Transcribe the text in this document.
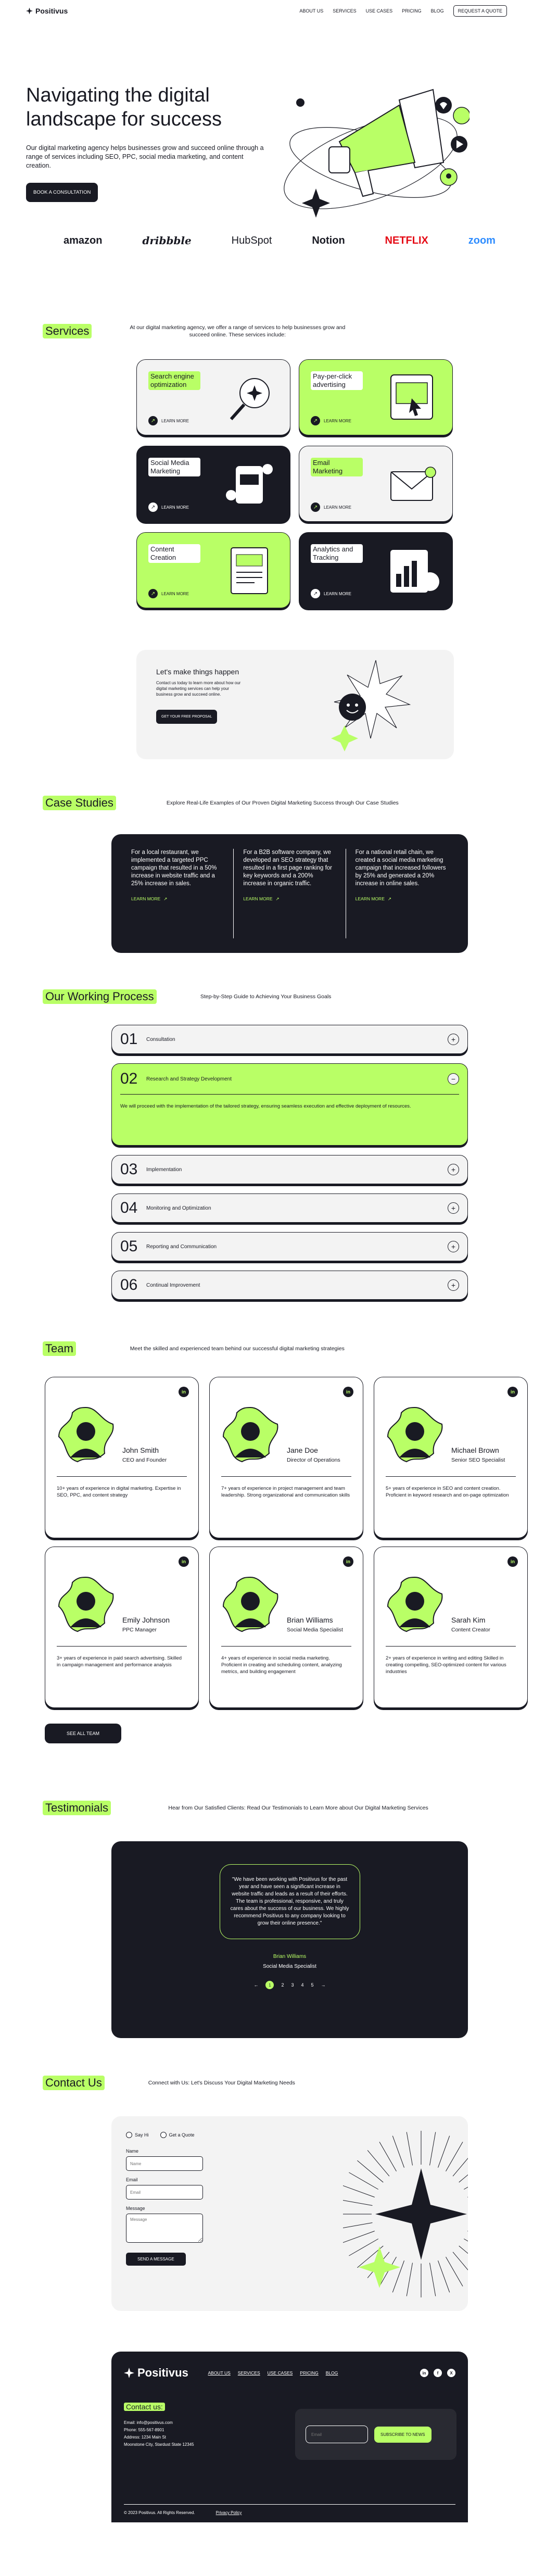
Positivus	ABOUT US SERVICES USE CASES PRICING BLOG	REQUEST A QUOTE
Navigating the digital landscape for success

Our digital marketing agency helps businesses grow and succeed online through a range of services including SEO, PPC, social media marketing, and content creation.

BOOK A CONSULTATION
amazon	dribbble	HubSpot	Notion	NETFLIX	zoom
Services	At our digital marketing agency, we offer a range of services to help businesses grow and succeed online. These services include:
Search engine optimization
↗	LEARN MORE
Pay-per-click advertising
↗	LEARN MORE
Social Media Marketing
↗	LEARN MORE
Email Marketing
↗	LEARN MORE
Content Creation
↗	LEARN MORE
Analytics and Tracking
↗	LEARN MORE
Let's make things happen
Contact us today to learn more about how our digital marketing services can help your business grow and succeed online.
GET YOUR FREE PROPOSAL
Case Studies	Explore Real-Life Examples of Our Proven Digital Marketing Success through Our Case Studies

For a local restaurant, we implemented a targeted PPC campaign that resulted in a 50% increase in website traffic and a 25% increase in sales.

LEARN MORE ↗

For a B2B software company, we developed an SEO strategy that resulted in a first page ranking for key keywords and a 200% increase in organic traffic.

LEARN MORE ↗

For a national retail chain, we created a social media marketing campaign that increased followers by 25% and generated a 20% increase in online sales.

LEARN MORE ↗
Our Working Process	Step-by-Step Guide to Achieving Your Business Goals
01	Consultation	+
02	Research and Strategy Development	−

We will proceed with the implementation of the tailored strategy, ensuring seamless execution and effective deployment of resources.

03	Implementation	+
04	Monitoring and Optimization	+
05	Reporting and Communication	+
06	Continual Improvement	+
Team	Meet the skilled and experienced team behind our successful digital marketing strategies
in
John Smith
CEO and Founder

10+ years of experience in digital marketing. Expertise in SEO, PPC, and content strategy

in
Jane Doe
Director of Operations

7+ years of experience in project management and team leadership. Strong organizational and communication skills

in
Michael Brown
Senior SEO Specialist

5+ years of experience in SEO and content creation. Proficient in keyword research and on-page optimization

in
Emily Johnson
PPC Manager

3+ years of experience in paid search advertising. Skilled in campaign management and performance analysis

in
Brian Williams
Social Media Specialist

4+ years of experience in social media marketing. Proficient in creating and scheduling content, analyzing metrics, and building engagement

in
Sarah Kim
Content Creator

2+ years of experience in writing and editing Skilled in creating compelling, SEO-optimized content for various industries

SEE ALL TEAM
Testimonials	Hear from Our Satisfied Clients: Read Our Testimonials to Learn More about Our Digital Marketing Services
"We have been working with Positivus for the past year and have seen a significant increase in website traffic and leads as a result of their efforts. The team is professional, responsive, and truly cares about the success of our business. We highly recommend Positivus to any company looking to grow their online presence."
Brian Williams
Social Media Specialist
←	1	2 3 4 5 →
Contact Us	Connect with Us: Let's Discuss Your Digital Marketing Needs
Say Hi	Get a Quote
Name
Name
Email
Email
Message
Message
SEND A MESSAGE
Positivus	ABOUT US SERVICES USE CASES PRICING BLOG	in	f	X
Contact us:
Email: info@positivus.com
Phone: 555-567-8901
Address: 1234 Main St
Moonstone City, Stardust State 12345
Email
SUBSCRIBE TO NEWS
© 2023 Positivus. All Rights Reserved.	Privacy Policy
